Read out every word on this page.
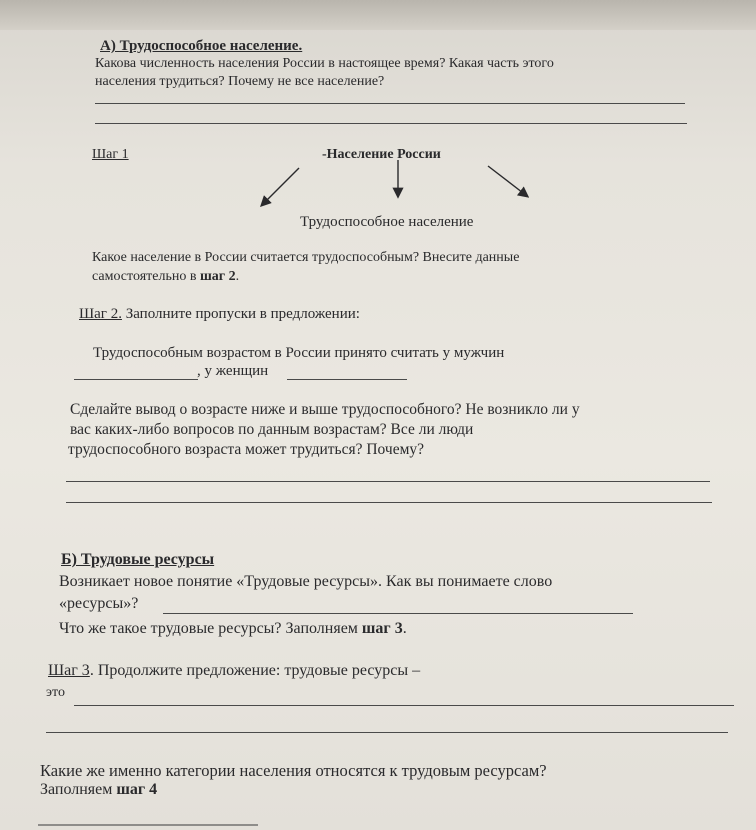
А) Трудоспособное население.
Какова численность населения России в настоящее время? Какая часть этого
населения трудиться? Почему не все население?
Шаг 1	-Население России
Трудоспособное население
Какое население в России считается трудоспособным? Внесите данные
самостоятельно в шаг 2.
Шаг 2. Заполните пропуски в предложении:
Трудоспособным возрастом в России принято считать у мужчин
, у женщин
Сделайте вывод о возрасте ниже и выше трудоспособного? Не возникло ли у
вас каких-либо вопросов по данным возрастам? Все ли люди
трудоспособного возраста может трудиться? Почему?
Б) Трудовые ресурсы
Возникает новое понятие «Трудовые ресурсы». Как вы понимаете слово
«ресурсы»?
Что же такое трудовые ресурсы? Заполняем шаг 3.
Шаг 3. Продолжите предложение: трудовые ресурсы –
это
Какие же именно категории населения относятся к трудовым ресурсам?
Заполняем шаг 4
